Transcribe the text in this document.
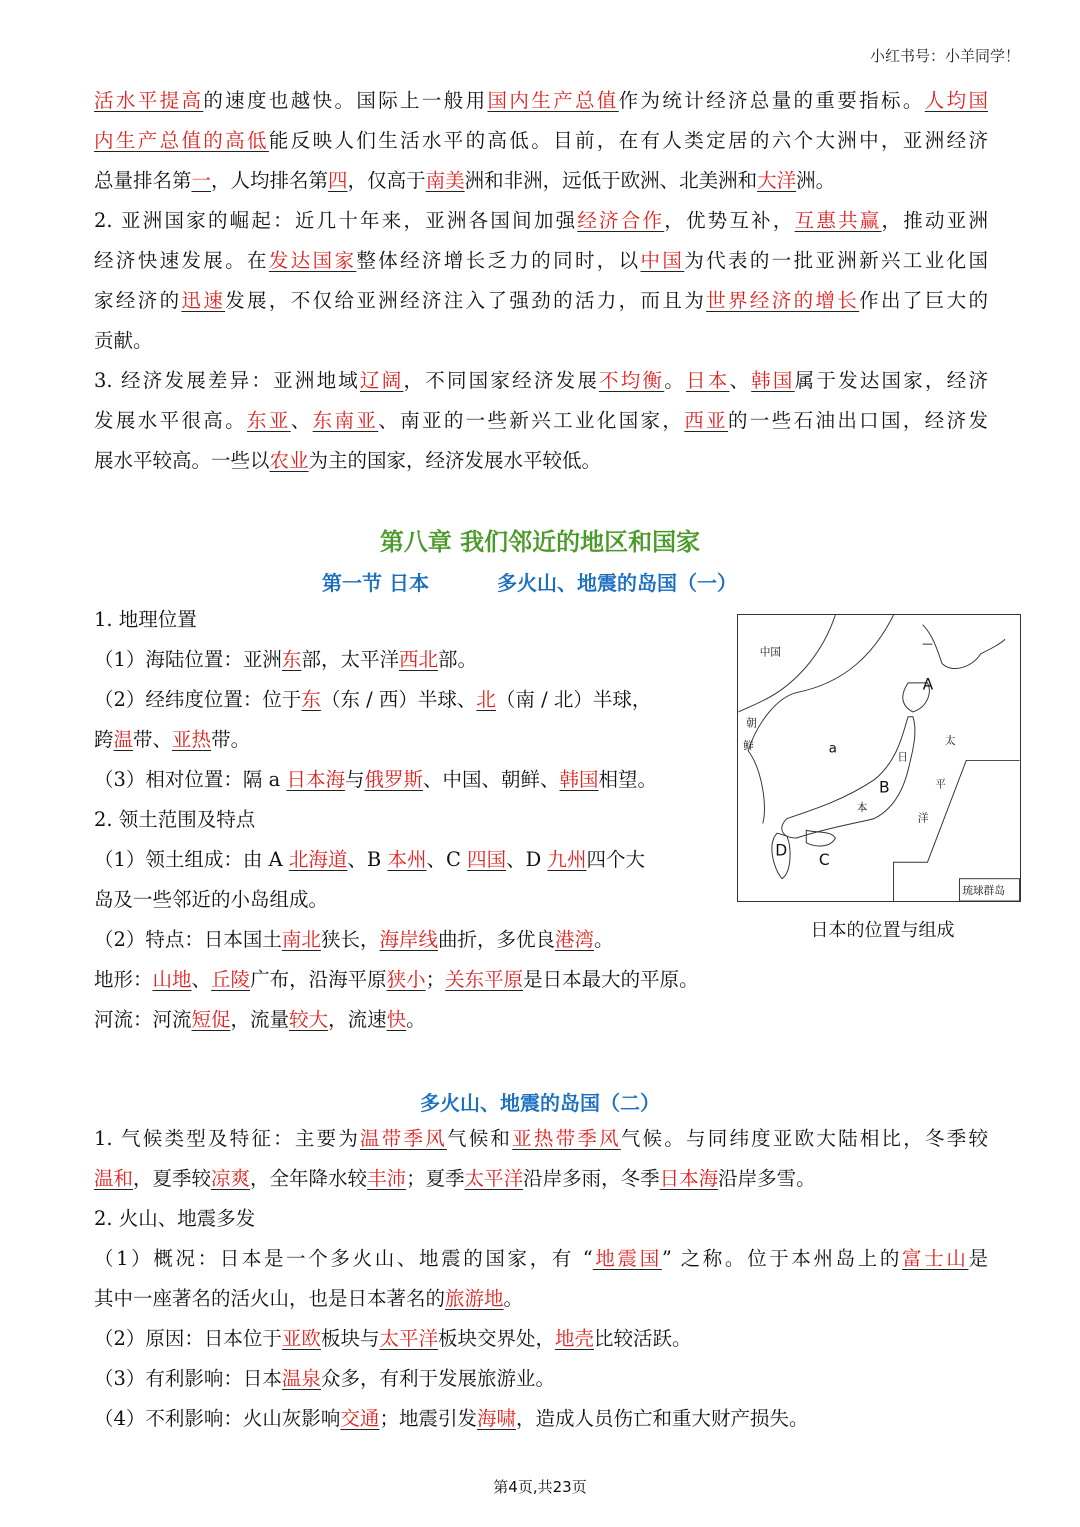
小红书号：小羊同学！
活水平提高的速度也越快。国际上一般用国内生产总值作为统计经济总量的重要指标。人均国
内生产总值的高低能反映人们生活水平的高低。目前，在有人类定居的六个大洲中，亚洲经济
总量排名第一，人均排名第四，仅高于南美洲和非洲，远低于欧洲、北美洲和大洋洲。
2. 亚洲国家的崛起：近几十年来，亚洲各国间加强经济合作，优势互补，互惠共赢，推动亚洲
经济快速发展。在发达国家整体经济增长乏力的同时，以中国为代表的一批亚洲新兴工业化国
家经济的迅速发展，不仅给亚洲经济注入了强劲的活力，而且为世界经济的增长作出了巨大的
贡献。
3. 经济发展差异：亚洲地域辽阔，不同国家经济发展不均衡。日本、韩国属于发达国家，经济
发展水平很高。东亚、东南亚、南亚的一些新兴工业化国家，西亚的一些石油出口国，经济发
展水平较高。一些以农业为主的国家，经济发展水平较低。
第八章 我们邻近的地区和国家
第一节 日本	多火山、地震的岛国（一）
1. 地理位置
（1）海陆位置：亚洲东部，太平洋西北部。
（2）经纬度位置：位于东（东 / 西）半球、北（南 / 北）半球，
跨温带、亚热带。
（3）相对位置：隔 a 日本海与俄罗斯、中国、朝鲜、韩国相望。
2. 领土范围及特点
（1）领土组成：由 A 北海道、B 本州、C 四国、D 九州四个大
岛及一些邻近的小岛组成。
（2）特点：日本国土南北狭长，海岸线曲折，多优良港湾。
地形：山地、丘陵广布，沿海平原狭小；关东平原是日本最大的平原。
河流：河流短促，流量较大，流速快。
中国
朝
鲜	a
A
B
C
D
日
本
太
平
洋
琉球群岛
日本的位置与组成
多火山、地震的岛国（二）
1. 气候类型及特征：主要为温带季风气候和亚热带季风气候。与同纬度亚欧大陆相比，冬季较
温和，夏季较凉爽，全年降水较丰沛；夏季太平洋沿岸多雨，冬季日本海沿岸多雪。
2. 火山、地震多发
（1）概况：日本是一个多火山、地震的国家，有 “地震国” 之称。位于本州岛上的富士山是
其中一座著名的活火山，也是日本著名的旅游地。
（2）原因：日本位于亚欧板块与太平洋板块交界处，地壳比较活跃。
（3）有利影响：日本温泉众多，有利于发展旅游业。
（4）不利影响：火山灰影响交通；地震引发海啸，造成人员伤亡和重大财产损失。
第4页,共23页
